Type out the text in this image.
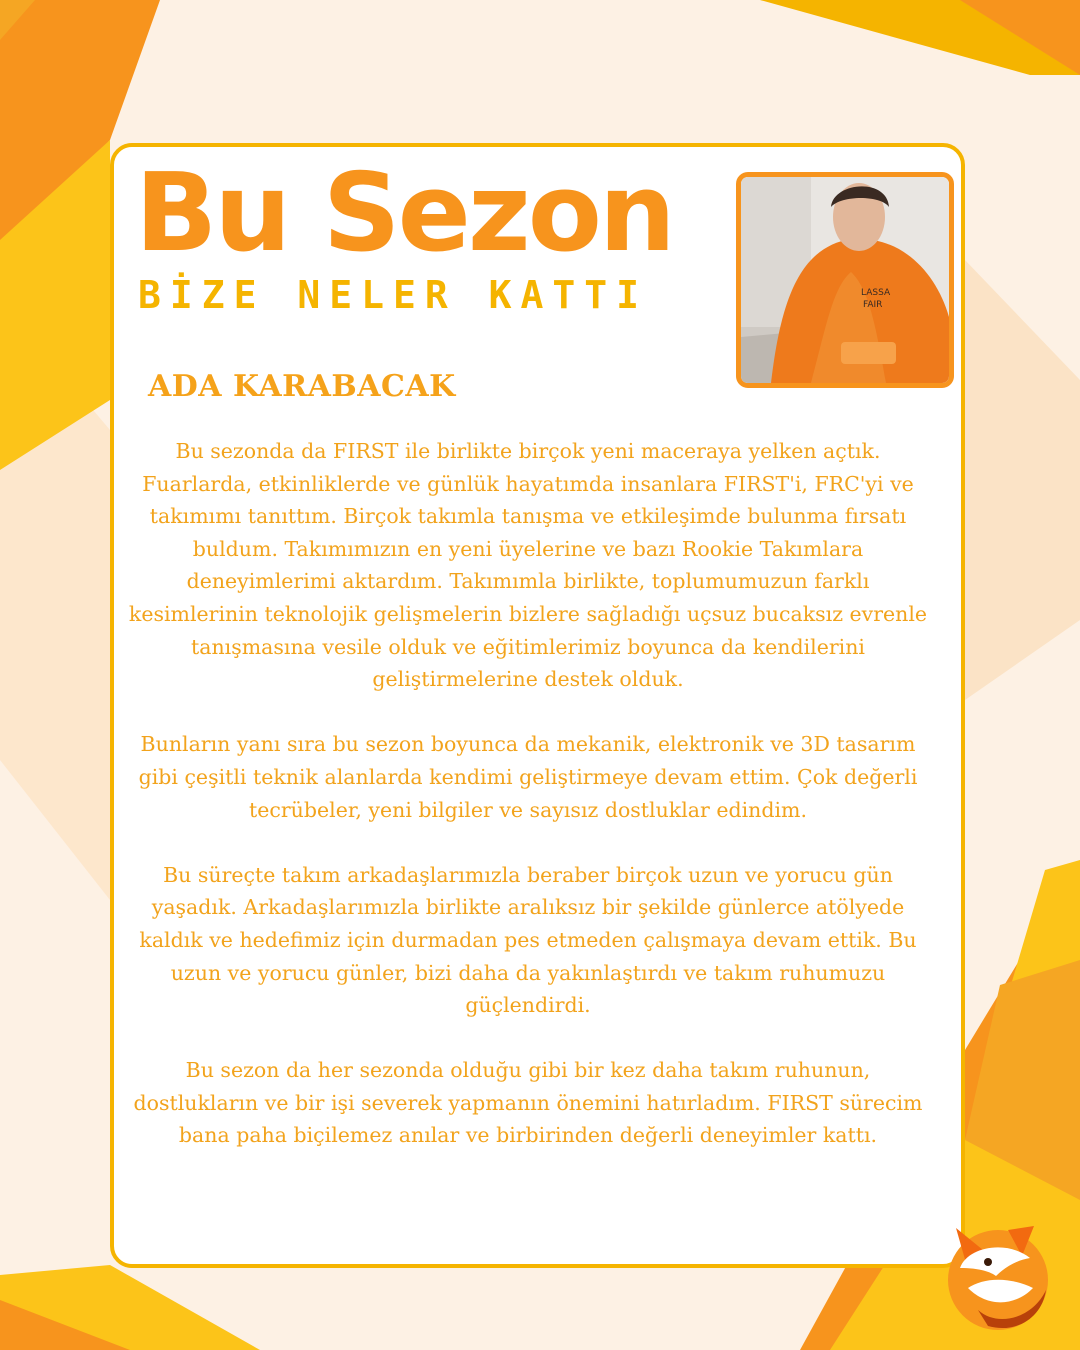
Bu Sezon
BİZE NELER KATTI	LASSA
FAIR
ADA KARABACAK

Bu sezonda da FIRST ile birlikte birçok yeni maceraya yelken açtık. Fuarlarda, etkinliklerde ve günlük hayatımda insanlara FIRST'i, FRC'yi ve takımımı tanıttım. Birçok takımla tanışma ve etkileşimde bulunma fırsatı buldum. Takımımızın en yeni üyelerine ve bazı Rookie Takımlara deneyimlerimi aktardım. Takımımla birlikte, toplumumuzun farklı kesimlerinin teknolojik gelişmelerin bizlere sağladığı uçsuz bucaksız evrenle tanışmasına vesile olduk ve eğitimlerimiz boyunca da kendilerini geliştirmelerine destek olduk.

Bunların yanı sıra bu sezon boyunca da mekanik, elektronik ve 3D tasarım gibi çeşitli teknik alanlarda kendimi geliştirmeye devam ettim. Çok değerli tecrübeler, yeni bilgiler ve sayısız dostluklar edindim.

Bu süreçte takım arkadaşlarımızla beraber birçok uzun ve yorucu gün yaşadık. Arkadaşlarımızla birlikte aralıksız bir şekilde günlerce atölyede kaldık ve hedefimiz için durmadan pes etmeden çalışmaya devam ettik. Bu uzun ve yorucu günler, bizi daha da yakınlaştırdı ve takım ruhumuzu güçlendirdi.

Bu sezon da her sezonda olduğu gibi bir kez daha takım ruhunun, dostlukların ve bir işi severek yapmanın önemini hatırladım. FIRST sürecim bana paha biçilemez anılar ve birbirinden değerli deneyimler kattı.
